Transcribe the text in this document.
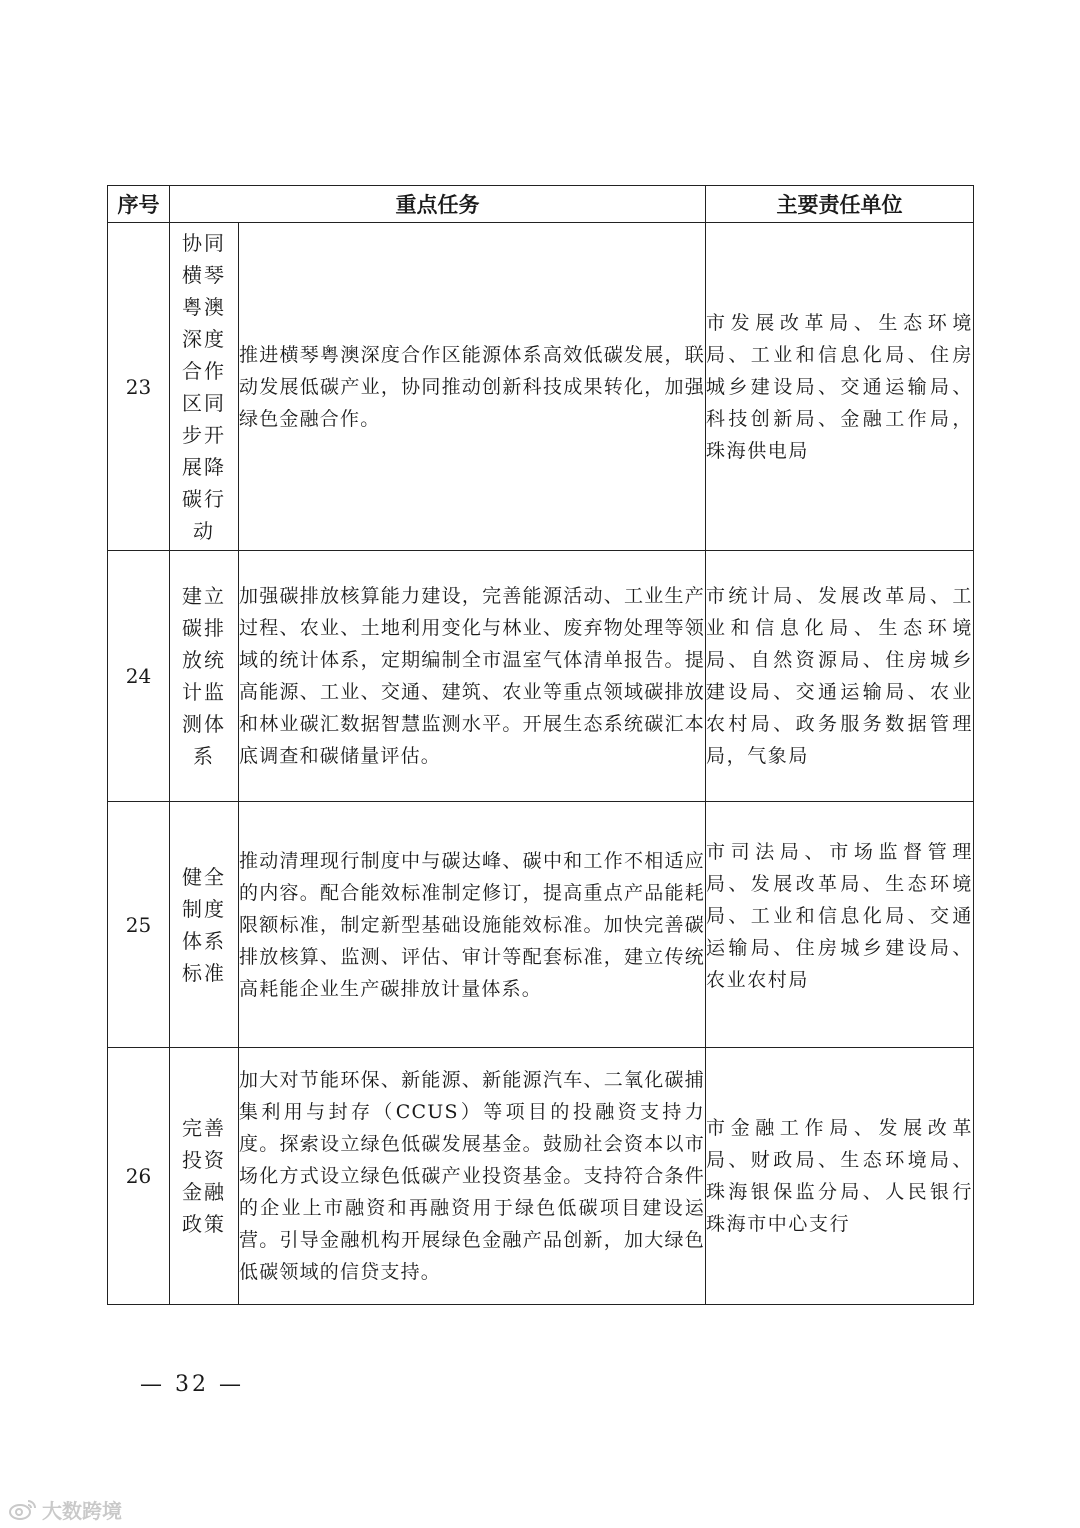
序号	重点任务		主要责任单位
23	协同横琴粤澳深度合作区同步开展降碳行动	推进横琴粤澳深度合作区能源体系高效低碳发展，联动发展低碳产业，协同推动创新科技成果转化，加强绿色金融合作。	市发展改革局、生态环境局、工业和信息化局、住房城乡建设局、交通运输局、科技创新局、金融工作局，珠海供电局
24	建立碳排放统计监测体系	加强碳排放核算能力建设，完善能源活动、工业生产过程、农业、土地利用变化与林业、废弃物处理等领域的统计体系，定期编制全市温室气体清单报告。提高能源、工业、交通、建筑、农业等重点领域碳排放和林业碳汇数据智慧监测水平。开展生态系统碳汇本底调查和碳储量评估。	市统计局、发展改革局、工业和信息化局、生态环境局、自然资源局、住房城乡建设局、交通运输局、农业农村局、政务服务数据管理局，气象局
25	健全制度体系标准	推动清理现行制度中与碳达峰、碳中和工作不相适应的内容。配合能效标准制定修订，提高重点产品能耗限额标准，制定新型基础设施能效标准。加快完善碳排放核算、监测、评估、审计等配套标准，建立传统高耗能企业生产碳排放计量体系。	市司法局、市场监督管理局、发展改革局、生态环境局、工业和信息化局、交通运输局、住房城乡建设局、农业农村局
26	完善投资金融政策	加大对节能环保、新能源、新能源汽车、二氧化碳捕集利用与封存（CCUS）等项目的投融资支持力度。探索设立绿色低碳发展基金。鼓励社会资本以市场化方式设立绿色低碳产业投资基金。支持符合条件的企业上市融资和再融资用于绿色低碳项目建设运营。引导金融机构开展绿色金融产品创新，加大绿色低碳领域的信贷支持。	市金融工作局、发展改革局、财政局、生态环境局、珠海银保监分局、人民银行珠海市中心支行
— 32 —
大数跨境
